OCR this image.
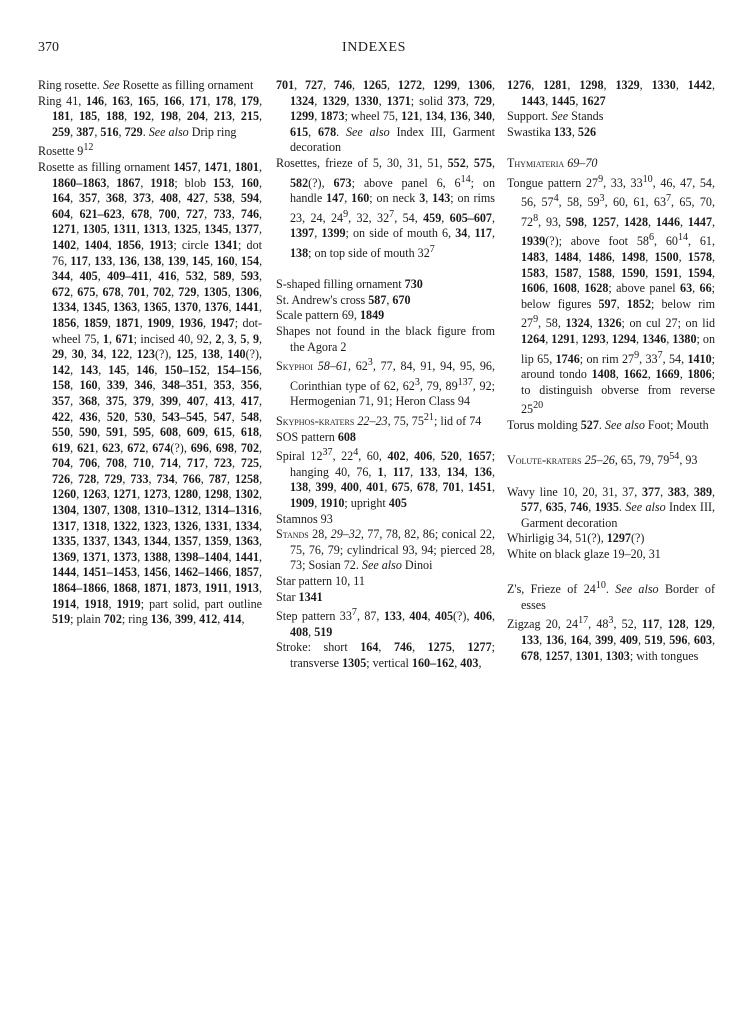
370	INDEXES

Ring rosette. See Rosette as filling ornament

Ring 41, 146, 163, 165, 166, 171, 178, 179, 181, 185, 188, 192, 198, 204, 213, 215, 259, 387, 516, 729. See also Drip ring

Rosette $9^{12}$

Rosette as filling ornament 1457, 1471, 1801, 1860–1863, 1867, 1918; blob 153, 160, 164, 357, 368, 373, 408, 427, 538, 594, 604, 621–623, 678, 700, 727, 733, 746, 1271, 1305, 1311, 1313, 1325, 1345, 1377, 1402, 1404, 1856, 1913; circle 1341; dot 76, 117, 133, 136, 138, 139, 145, 160, 154, 344, 405, 409–411, 416, 532, 589, 593, 672, 675, 678, 701, 702, 729, 1305, 1306, 1334, 1345, 1363, 1365, 1370, 1376, 1441, 1856, 1859, 1871, 1909, 1936, 1947; dot-wheel 75, 1, 671; incised 40, 92, 2, 3, 5, 9, 29, 30, 34, 122, 123(?), 125, 138, 140(?), 142, 143, 145, 146, 150–152, 154–156, 158, 160, 339, 346, 348–351, 353, 356, 357, 368, 375, 379, 399, 407, 413, 417, 422, 436, 520, 530, 543–545, 547, 548, 550, 590, 591, 595, 608, 609, 615, 618, 619, 621, 623, 672, 674(?), 696, 698, 702, 704, 706, 708, 710, 714, 717, 723, 725, 726, 728, 729, 733, 734, 766, 787, 1258, 1260, 1263, 1271, 1273, 1280, 1298, 1302, 1304, 1307, 1308, 1310–1312, 1314–1316, 1317, 1318, 1322, 1323, 1326, 1331, 1334, 1335, 1337, 1343, 1344, 1357, 1359, 1363, 1369, 1371, 1373, 1388, 1398–1404, 1441, 1444, 1451–1453, 1456, 1462–1466, 1857, 1864–1866, 1868, 1871, 1873, 1911, 1913, 1914, 1918, 1919; part solid, part outline 519; plain 702; ring 136, 399, 412, 414,

701, 727, 746, 1265, 1272, 1299, 1306, 1324, 1329, 1330, 1371; solid 373, 729, 1299, 1873; wheel 75, 121, 134, 136, 340, 615, 678. See also Index III, Garment decoration

Rosettes, frieze of 5, 30, 31, 51, 552, 575, 582(?), 673; above panel 6, $6^{14}$; on handle 147, 160; on neck 3, 143; on rims 23, 24, $24^9$, 32, $32^7$, 54, 459, 605–607, 1397, 1399; on side of mouth 6, 34, 117, 138; on top side of mouth $32^7$

S-shaped filling ornament 730

St. Andrew's cross 587, 670

Scale pattern 69, 1849

Shapes not found in the black figure from the Agora 2

Skyphoi 58–61, $62^3$, 77, 84, 91, 94, 95, 96, Corinthian type of 62, $62^3$, 79, $89^{137}$, 92; Hermogenian 71, 91; Heron Class 94

Skyphos-kraters 22–23, 75, $75^{21}$; lid of 74

SOS pattern 608

Spiral $12^{37}$, $22^4$, 60, 402, 406, 520, 1657; hanging 40, 76, 1, 117, 133, 134, 136, 138, 399, 400, 401, 675, 678, 701, 1451, 1909, 1910; upright 405

Stamnos 93

Stands 28, 29–32, 77, 78, 82, 86; conical 22, 75, 76, 79; cylindrical 93, 94; pierced 28, 73; Sosian 72. See also Dinoi

Star pattern 10, 11

Star 1341

Step pattern $33^7$, 87, 133, 404, 405(?), 406, 408, 519

Stroke: short 164, 746, 1275, 1277; transverse 1305; vertical 160–162, 403,

1276, 1281, 1298, 1329, 1330, 1442, 1443, 1445, 1627

Support. See Stands

Swastika 133, 526

Thymiateria 69–70

Tongue pattern $27^9$, 33, $33^{10}$, 46, 47, 54, 56, $57^4$, 58, $59^3$, 60, 61, $63^7$, 65, 70, $72^8$, 93, 598, 1257, 1428, 1446, 1447, 1939(?); above foot $58^6$, $60^{14}$, 61, 1483, 1484, 1486, 1498, 1500, 1578, 1583, 1587, 1588, 1590, 1591, 1594, 1606, 1608, 1628; above panel 63, 66; below figures 597, 1852; below rim $27^9$, 58, 1324, 1326; on cul 27; on lid 1264, 1291, 1293, 1294, 1346, 1380; on lip 65, 1746; on rim $27^9$, $33^7$, 54, 1410; around tondo 1408, 1662, 1669, 1806; to distinguish obverse from reverse $25^{20}$

Torus molding 527. See also Foot; Mouth

Volute-kraters 25–26, 65, 79, $79^{54}$, 93

Wavy line 10, 20, 31, 37, 377, 383, 389, 577, 635, 746, 1935. See also Index III, Garment decoration

Whirligig 34, 51(?), 1297(?)

White on black glaze 19–20, 31

Z's, Frieze of $24^{10}$. See also Border of esses

Zigzag 20, $24^{17}$, $48^3$, 52, 117, 128, 129, 133, 136, 164, 399, 409, 519, 596, 603, 678, 1257, 1301, 1303; with tongues
